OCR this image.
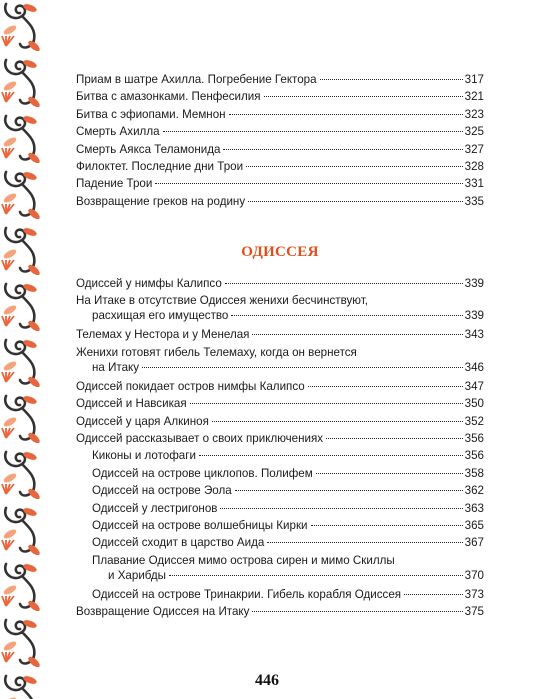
Приам в шатре Ахилла. Погребение Гектора	317
Битва с амазонками. Пенфесилия	321
Битва с эфиопами. Мемнон	323
Смерть Ахилла	325
Смерть Аякса Теламонида	327
Филоктет. Последние дни Трои	328
Падение Трои	331
Возвращение греков на родину	335
ОДИССЕЯ
Одиссей у нимфы Калипсо	339
На Итаке в отсутствие Одиссея женихи бесчинствуют,
расхищая его имущество	339
Телемах у Нестора и у Менелая	343
Женихи готовят гибель Телемаху, когда он вернется
на Итаку	346
Одиссей покидает остров нимфы Калипсо	347
Одиссей и Навсикая	350
Одиссей у царя Алкиноя	352
Одиссей рассказывает о своих приключениях	356
Киконы и лотофаги	356
Одиссей на острове циклопов. Полифем	358
Одиссей на острове Эола	362
Одиссей у лестригонов	363
Одиссей на острове волшебницы Кирки	365
Одиссей сходит в царство Аида	367
Плавание Одиссея мимо острова сирен и мимо Скиллы
и Харибды	370
Одиссей на острове Тринакрии. Гибель корабля Одиссея	373
Возвращение Одиссея на Итаку	375
446
